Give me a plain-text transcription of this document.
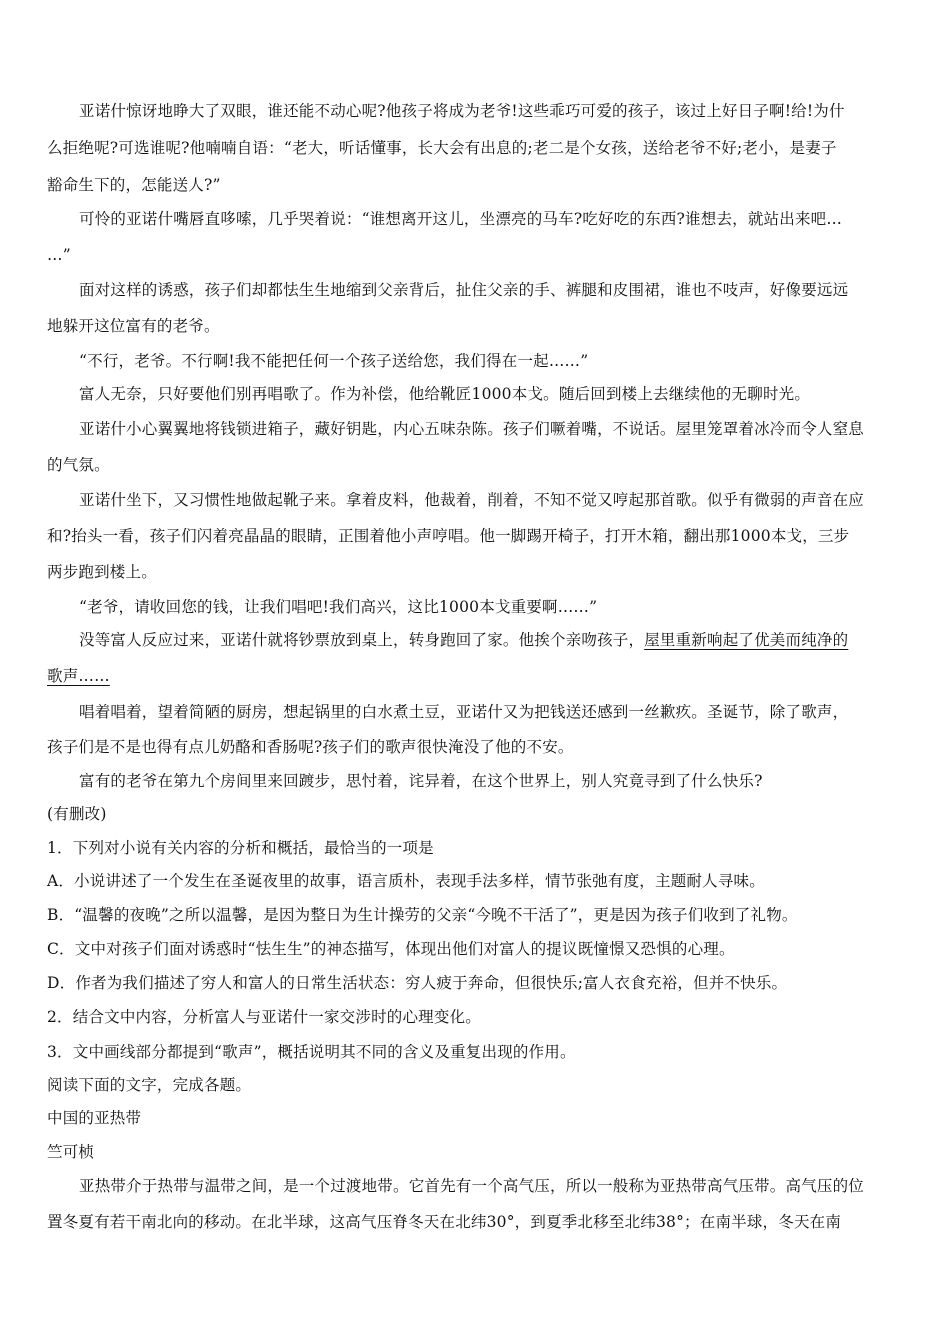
亚诺什惊讶地睁大了双眼，谁还能不动心呢?他孩子将成为老爷!这些乖巧可爱的孩子，该过上好日子啊!给!为什
么拒绝呢?可选谁呢?他喃喃自语：“老大，听话懂事，长大会有出息的;老二是个女孩，送给老爷不好;老小，是妻子
豁命生下的，怎能送人?”
可怜的亚诺什嘴唇直哆嗦，几乎哭着说：“谁想离开这儿，坐漂亮的马车?吃好吃的东西?谁想去，就站出来吧…
…”
面对这样的诱惑，孩子们却都怯生生地缩到父亲背后，扯住父亲的手、裤腿和皮围裙，谁也不吱声，好像要远远
地躲开这位富有的老爷。
“不行，老爷。不行啊!我不能把任何一个孩子送给您，我们得在一起……”
富人无奈，只好要他们别再唱歌了。作为补偿，他给靴匠1000本戈。随后回到楼上去继续他的无聊时光。
亚诺什小心翼翼地将钱锁进箱子，藏好钥匙，内心五味杂陈。孩子们噘着嘴，不说话。屋里笼罩着冰冷而令人窒息
的气氛。
亚诺什坐下，又习惯性地做起靴子来。拿着皮料，他裁着，削着，不知不觉又哼起那首歌。似乎有微弱的声音在应
和?抬头一看，孩子们闪着亮晶晶的眼睛，正围着他小声哼唱。他一脚踢开椅子，打开木箱，翻出那1000本戈，三步
两步跑到楼上。
“老爷，请收回您的钱，让我们唱吧!我们高兴，这比1000本戈重要啊……”
没等富人反应过来，亚诺什就将钞票放到桌上，转身跑回了家。他挨个亲吻孩子，屋里重新响起了优美而纯净的
歌声……
唱着唱着，望着简陋的厨房，想起锅里的白水煮土豆，亚诺什又为把钱送还感到一丝歉疚。圣诞节，除了歌声，
孩子们是不是也得有点儿奶酪和香肠呢?孩子们的歌声很快淹没了他的不安。
富有的老爷在第九个房间里来回踱步，思忖着，诧异着，在这个世界上，别人究竟寻到了什么快乐?
(有删改)
1．下列对小说有关内容的分析和概括，最恰当的一项是
A．小说讲述了一个发生在圣诞夜里的故事，语言质朴，表现手法多样，情节张弛有度，主题耐人寻味。
B．“温馨的夜晚”之所以温馨，是因为整日为生计操劳的父亲“今晚不干活了”，更是因为孩子们收到了礼物。
C．文中对孩子们面对诱惑时“怯生生”的神态描写，体现出他们对富人的提议既憧憬又恐惧的心理。
D．作者为我们描述了穷人和富人的日常生活状态：穷人疲于奔命，但很快乐;富人衣食充裕，但并不快乐。
2．结合文中内容，分析富人与亚诺什一家交涉时的心理变化。
3．文中画线部分都提到“歌声”，概括说明其不同的含义及重复出现的作用。
阅读下面的文字，完成各题。
中国的亚热带
竺可桢
亚热带介于热带与温带之间，是一个过渡地带。它首先有一个高气压，所以一般称为亚热带高气压带。高气压的位
置冬夏有若干南北向的移动。在北半球，这高气压脊冬天在北纬30°，到夏季北移至北纬38°；在南半球，冬天在南
